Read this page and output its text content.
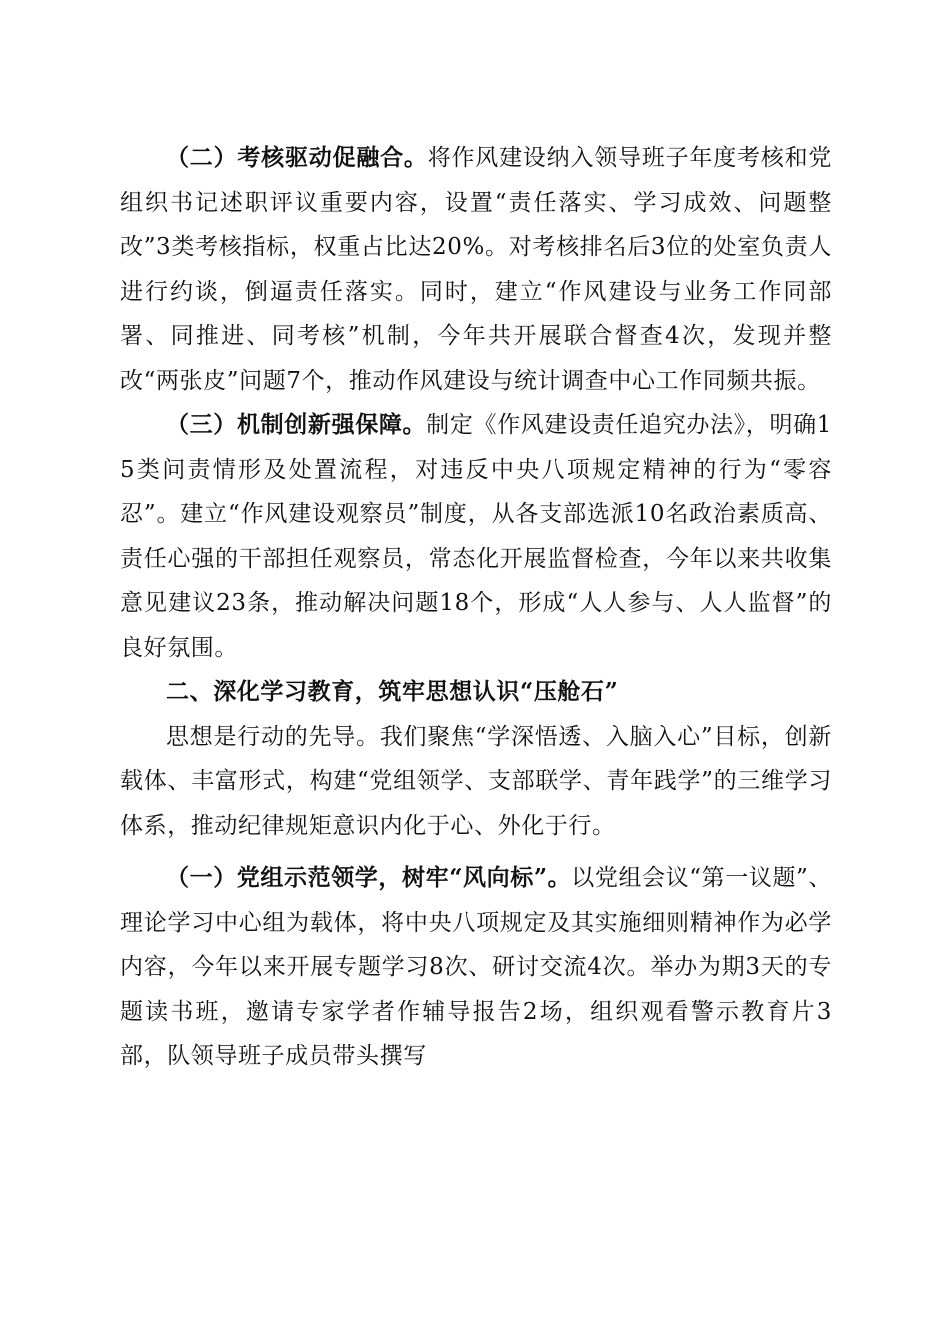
（二）考核驱动促融合。将作风建设纳入领导班子年度考核和党组织书记述职评议重要内容，设置“责任落实、学习成效、问题整改”3类考核指标，权重占比达20%。对考核排名后3位的处室负责人进行约谈，倒逼责任落实。同时，建立“作风建设与业务工作同部署、同推进、同考核”机制，今年共开展联合督查4次，发现并整改“两张皮”问题7个，推动作风建设与统计调查中心工作同频共振。

（三）机制创新强保障。制定《作风建设责任追究办法》，明确15类问责情形及处置流程，对违反中央八项规定精神的行为“零容忍”。建立“作风建设观察员”制度，从各支部选派10名政治素质高、责任心强的干部担任观察员，常态化开展监督检查，今年以来共收集意见建议23条，推动解决问题18个，形成“人人参与、人人监督”的良好氛围。

二、深化学习教育，筑牢思想认识“压舱石”

思想是行动的先导。我们聚焦“学深悟透、入脑入心”目标，创新载体、丰富形式，构建“党组领学、支部联学、青年践学”的三维学习体系，推动纪律规矩意识内化于心、外化于行。

（一）党组示范领学，树牢“风向标”。以党组会议“第一议题”、理论学习中心组为载体，将中央八项规定及其实施细则精神作为必学内容，今年以来开展专题学习8次、研讨交流4次。举办为期3天的专题读书班，邀请专家学者作辅导报告2场，组织观看警示教育片3部，队领导班子成员带头撰写
